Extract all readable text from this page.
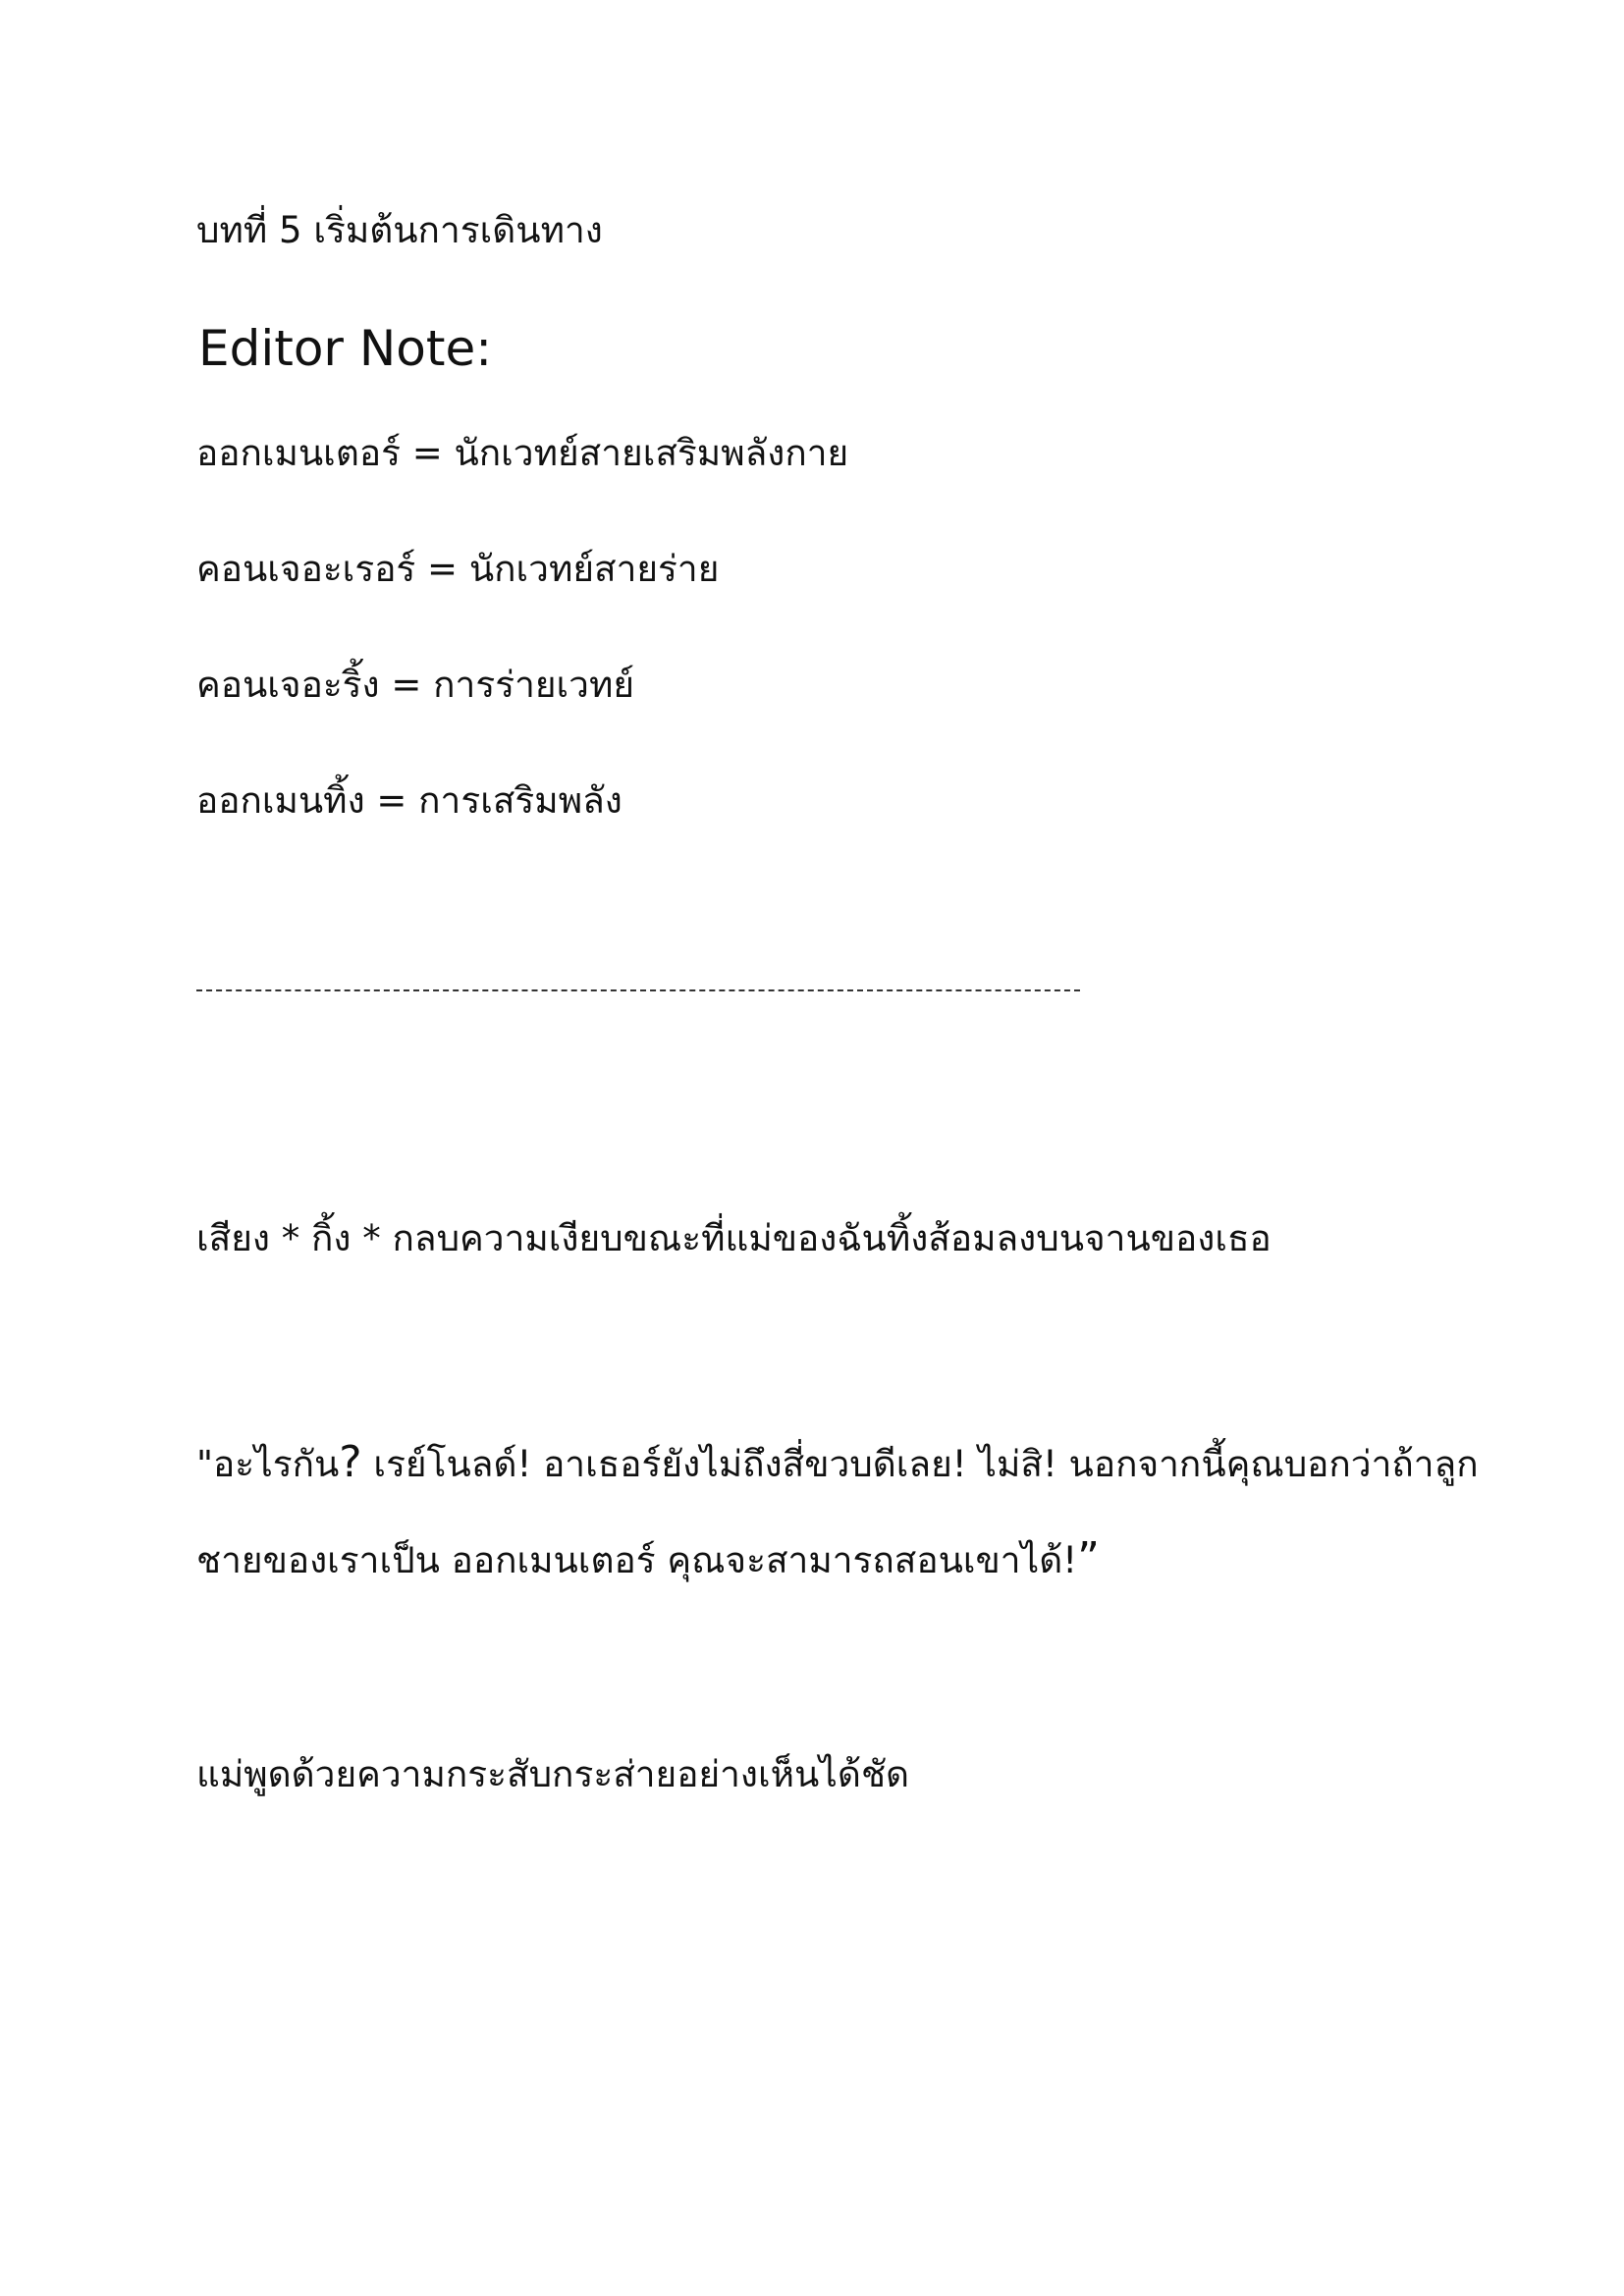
บทที่ 5 เริ่มต้นการเดินทาง

Editor Note:

ออกเมนเตอร์ = นักเวทย์สายเสริมพลังกาย

คอนเจอะเรอร์ = นักเวทย์สายร่าย

คอนเจอะริ้ง = การร่ายเวทย์

ออกเมนทิ้ง = การเสริมพลัง

เสียง * กิ้ง * กลบความเงียบขณะที่แม่ของฉันทิ้งส้อมลงบนจานของเธอ

"อะไรกัน? เรย์โนลด์! อาเธอร์ยังไม่ถึงสี่ขวบดีเลย! ไม่สิ! นอกจากนี้คุณบอกว่าถ้าลูก

ชายของเราเป็น ออกเมนเตอร์ คุณจะสามารถสอนเขาได้!”

แม่พูดด้วยความกระสับกระส่ายอย่างเห็นได้ชัด
